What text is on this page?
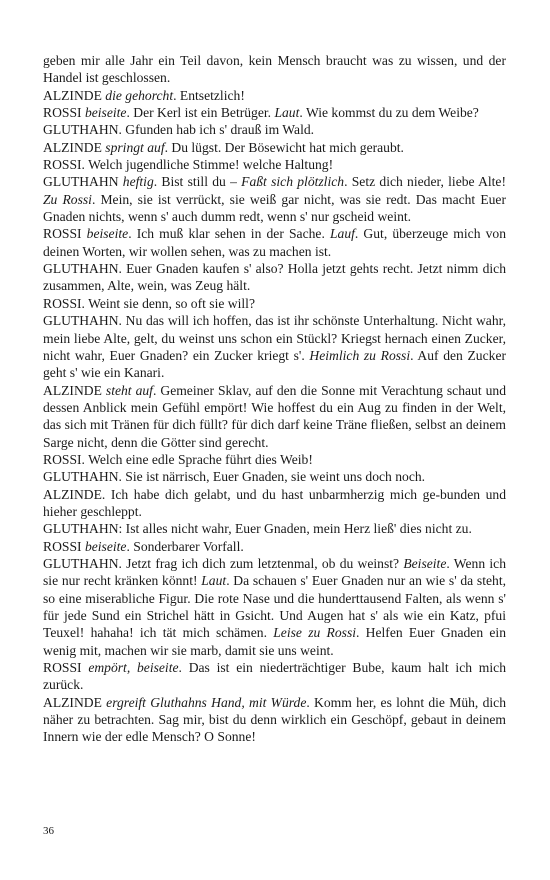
geben mir alle Jahr ein Teil davon, kein Mensch braucht was zu wissen, und der Handel ist geschlossen.

ALZINDE die gehorcht. Entsetzlich!

ROSSI beiseite. Der Kerl ist ein Betrüger. Laut. Wie kommst du zu dem Weibe?

GLUTHAHN. Gfunden hab ich s' drauß im Wald.

ALZINDE springt auf. Du lügst. Der Bösewicht hat mich geraubt.

ROSSI. Welch jugendliche Stimme! welche Haltung!

GLUTHAHN heftig. Bist still du – Faßt sich plötzlich. Setz dich nieder, liebe Alte! Zu Rossi. Mein, sie ist verrückt, sie weiß gar nicht, was sie redt. Das macht Euer Gnaden nichts, wenn s' auch dumm redt, wenn s' nur gscheid weint.

ROSSI beiseite. Ich muß klar sehen in der Sache. Lauf. Gut, überzeuge mich von deinen Worten, wir wollen sehen, was zu machen ist.

GLUTHAHN. Euer Gnaden kaufen s' also? Holla jetzt gehts recht. Jetzt nimm dich zusammen, Alte, wein, was Zeug hält.

ROSSI. Weint sie denn, so oft sie will?

GLUTHAHN. Nu das will ich hoffen, das ist ihr schönste Unterhaltung. Nicht wahr, mein liebe Alte, gelt, du weinst uns schon ein Stückl? Kriegst hernach einen Zucker, nicht wahr, Euer Gnaden? ein Zucker kriegt s'. Heimlich zu Rossi. Auf den Zucker geht s' wie ein Kanari.

ALZINDE steht auf. Gemeiner Sklav, auf den die Sonne mit Verachtung schaut und dessen Anblick mein Gefühl empört! Wie hoffest du ein Aug zu finden in der Welt, das sich mit Tränen für dich füllt? für dich darf keine Träne fließen, selbst an deinem Sarge nicht, denn die Götter sind gerecht.

ROSSI. Welch eine edle Sprache führt dies Weib!

GLUTHAHN. Sie ist närrisch, Euer Gnaden, sie weint uns doch noch.

ALZINDE. Ich habe dich gelabt, und du hast unbarmherzig mich ge-bunden und hieher geschleppt.

GLUTHAHN: Ist alles nicht wahr, Euer Gnaden, mein Herz ließ' dies nicht zu.

ROSSI beiseite. Sonderbarer Vorfall.

GLUTHAHN. Jetzt frag ich dich zum letztenmal, ob du weinst? Beiseite. Wenn ich sie nur recht kränken könnt! Laut. Da schauen s' Euer Gnaden nur an wie s' da steht, so eine miserabliche Figur. Die rote Nase und die hunderttausend Falten, als wenn s' für jede Sund ein Strichel hätt in Gsicht. Und Augen hat s' als wie ein Katz, pfui Teuxel! hahaha! ich tät mich schämen. Leise zu Rossi. Helfen Euer Gnaden ein wenig mit, machen wir sie marb, damit sie uns weint.

ROSSI empört, beiseite. Das ist ein niederträchtiger Bube, kaum halt ich mich zurück.

ALZINDE ergreift Gluthahns Hand, mit Würde. Komm her, es lohnt die Müh, dich näher zu betrachten. Sag mir, bist du denn wirklich ein Geschöpf, gebaut in deinem Innern wie der edle Mensch? O Sonne!

36
